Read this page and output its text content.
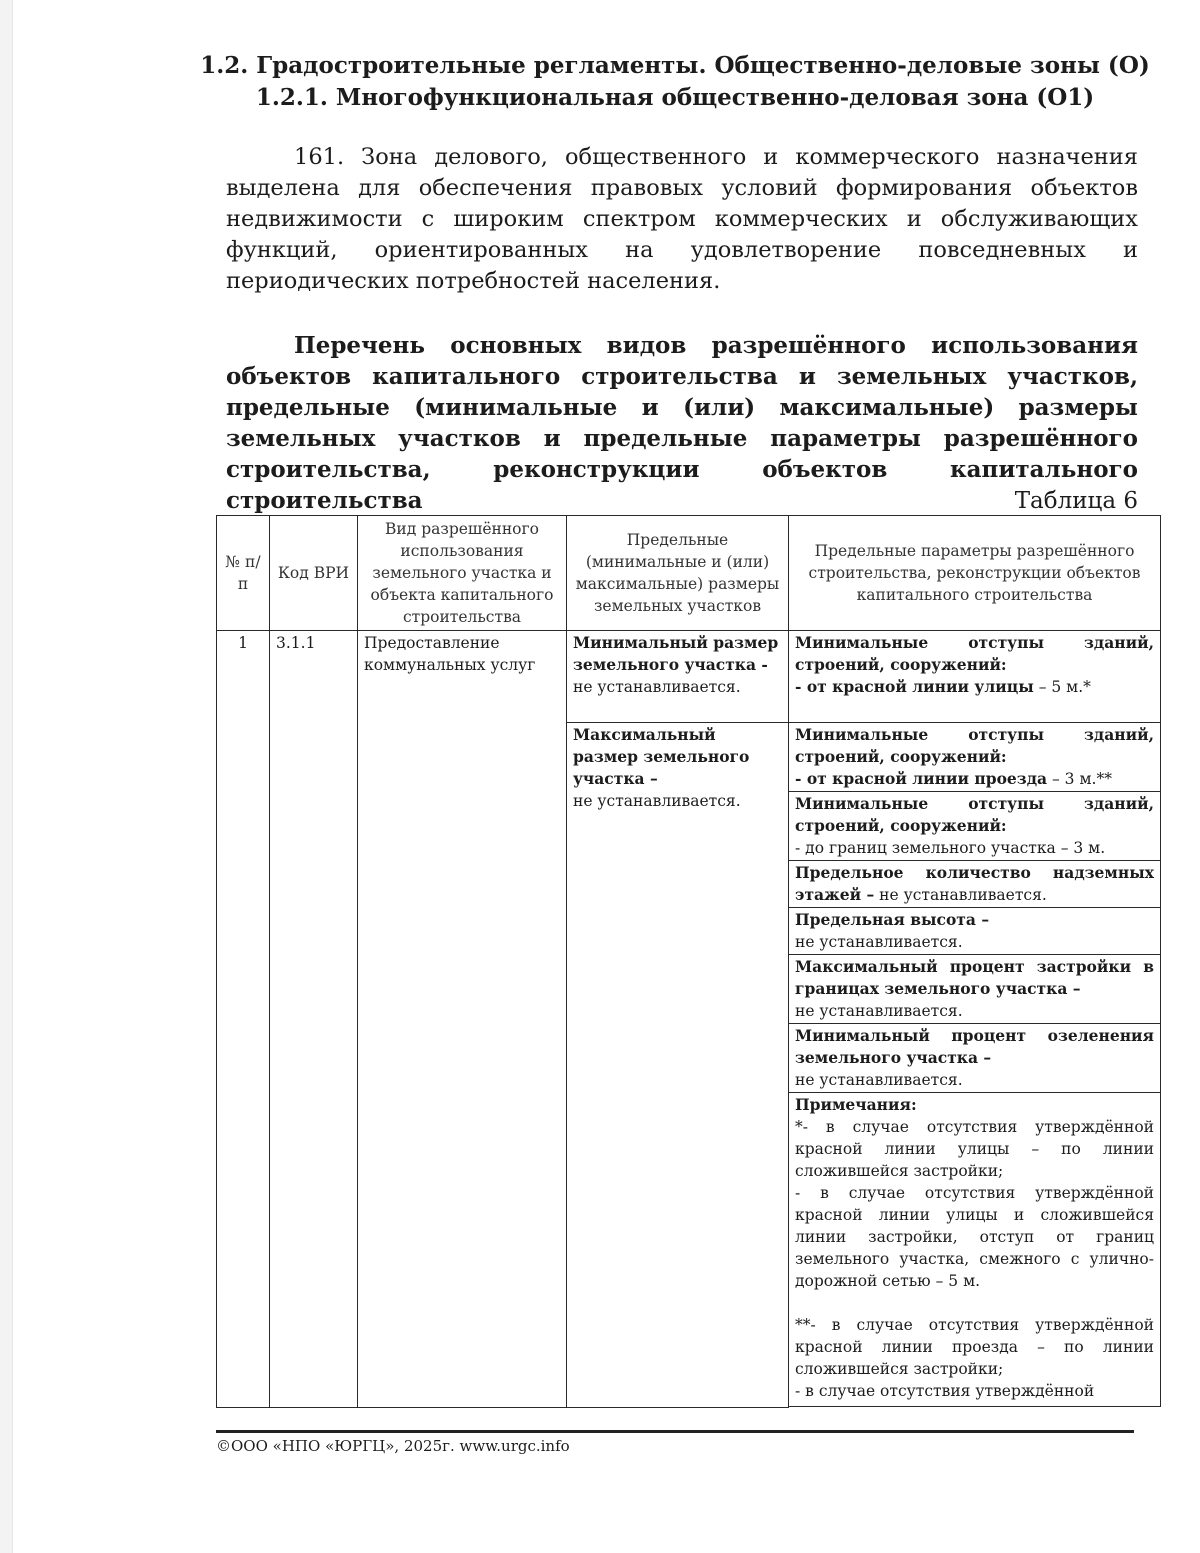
1.2. Градостроительные регламенты. Общественно-деловые зоны (О)
1.2.1. Многофункциональная общественно-деловая зона (О1)
161. Зона делового, общественного и коммерческого назначения выделена для обеспечения правовых условий формирования объектов недвижимости с широким спектром коммерческих и обслуживающих функций, ориентированных на удовлетворение повседневных и периодических потребностей населения.
Перечень основных видов разрешённого использования объектов капитального строительства и земельных участков, предельные (минимальные и (или) максимальные) размеры земельных участков и предельные параметры разрешённого строительства, реконструкции объектов капитального строительства	Таблица 6
№ п/п	Код ВРИ	Вид разрешённого использования земельного участка и объекта капитального строительства	Предельные (минимальные и (или) максимальные) размеры земельных участков	Предельные параметры разрешённого строительства, реконструкции объектов капитального строительства
1	3.1.1	Предоставление коммунальных услуг	Минимальный размер земельного участка -
не устанавливается.	Минимальные отступы зданий, строений, сооружений:
- от красной линии улицы – 5 м.*
			Максимальный размер земельного участка –
не устанавливается.	Минимальные отступы зданий, строений, сооружений:
- от красной линии проезда – 3 м.**
				Минимальные отступы зданий, строений, сооружений:
- до границ земельного участка – 3 м.
				Предельное количество надземных этажей – не устанавливается.
				Предельная высота –
не устанавливается.
				Максимальный процент застройки в границах земельного участка –
не устанавливается.
				Минимальный процент озеленения земельного участка –
не устанавливается.
				Примечания:
*- в случае отсутствия утверждённой красной линии улицы – по линии сложившейся застройки;
- в случае отсутствия утверждённой красной линии улицы и сложившейся линии застройки, отступ от границ земельного участка, смежного с улично-дорожной сетью – 5 м.

**- в случае отсутствия утверждённой красной линии проезда – по линии сложившейся застройки;
- в случае отсутствия утверждённой

©ООО «НПО «ЮРГЦ», 2025г. www.urgc.info
